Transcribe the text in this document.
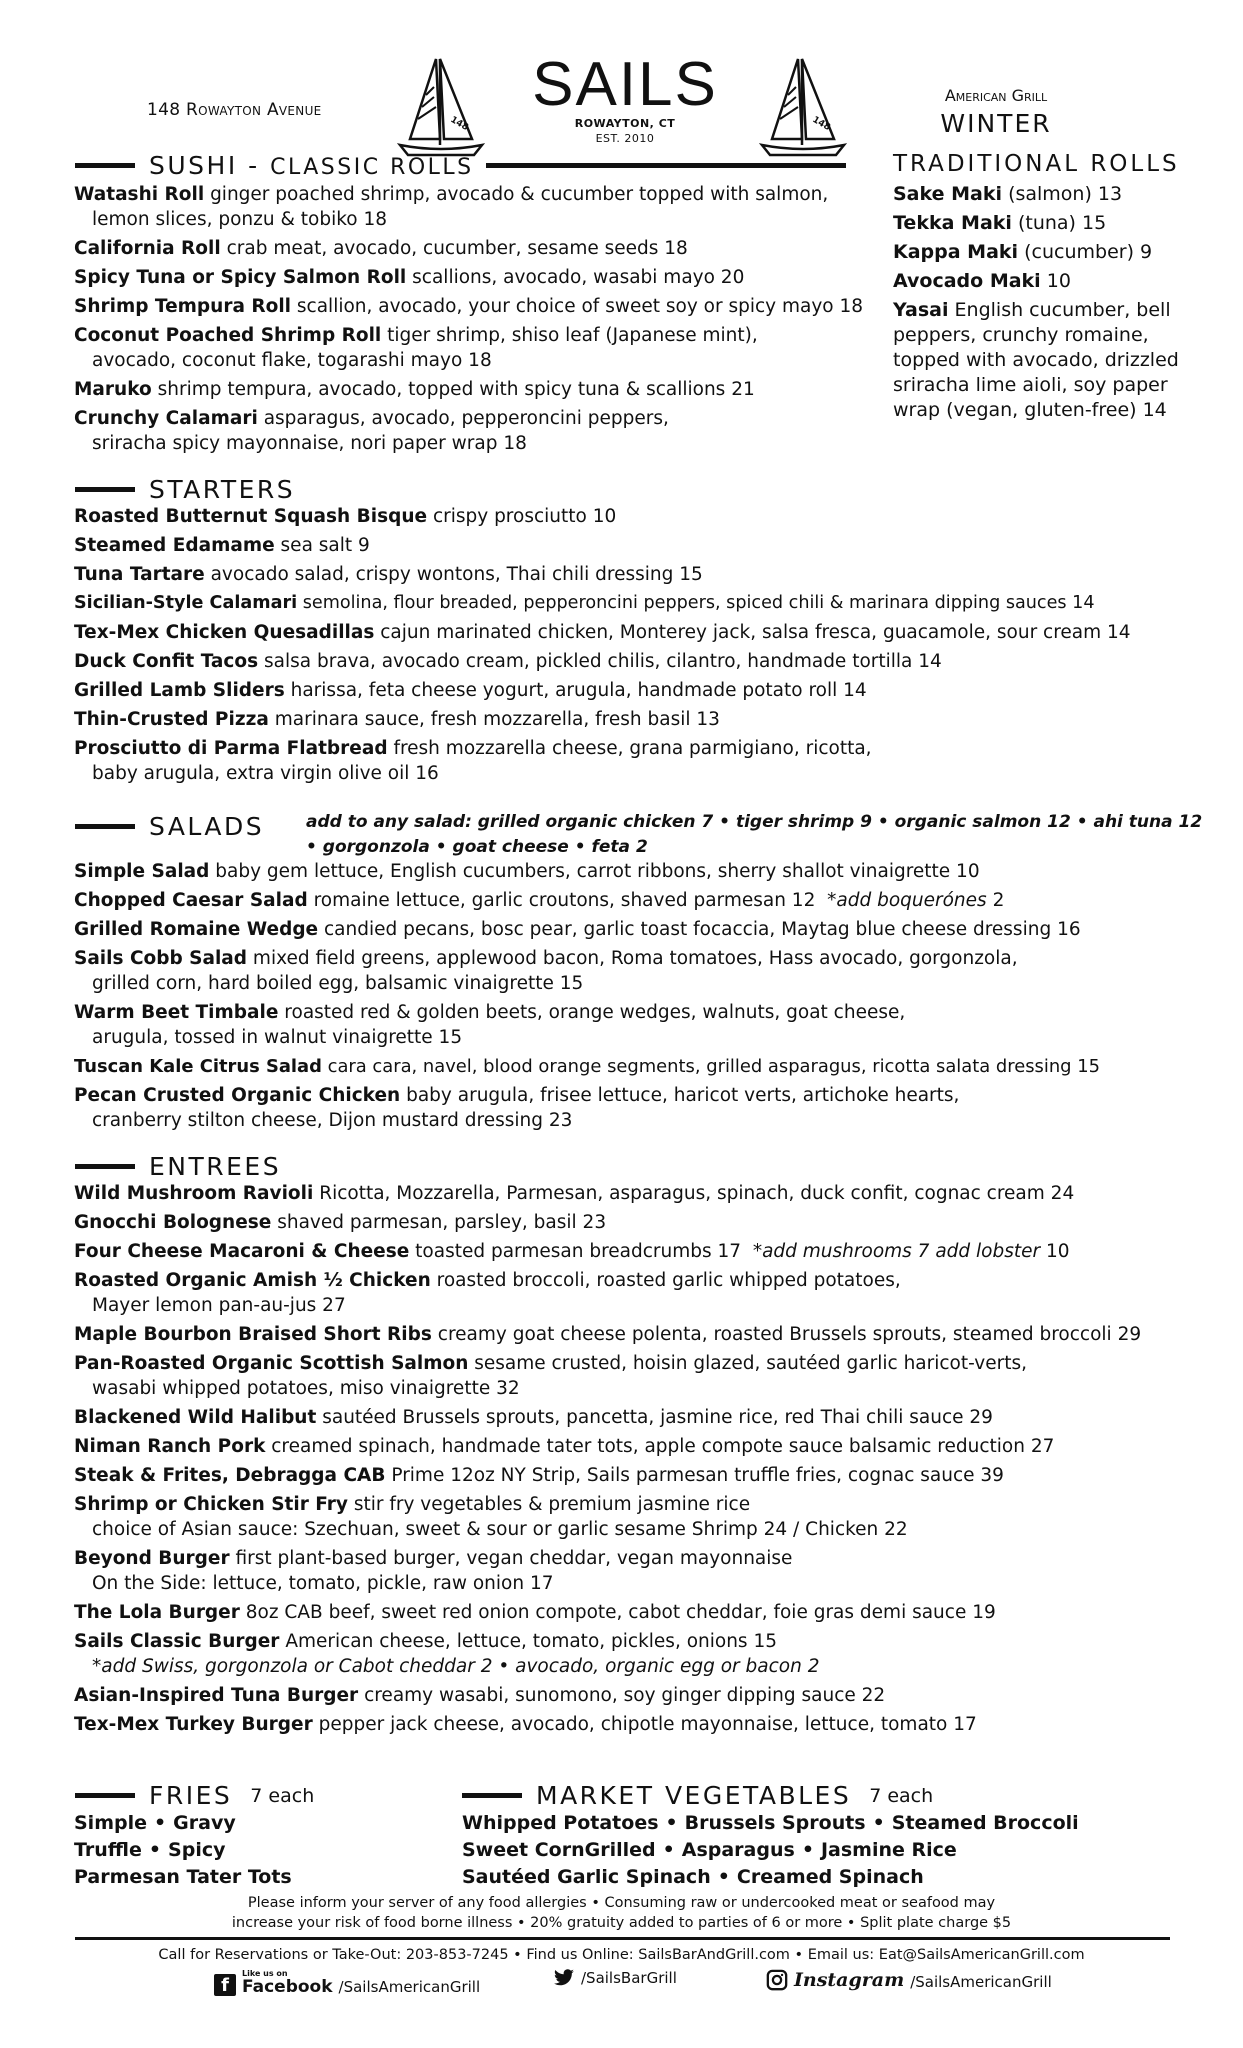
148 Rowayton Avenue
148
SAILS
ROWAYTON, CT
EST. 2010
148
American Grill
WINTER
SUSHI - CLASSIC ROLLS
Watashi Roll ginger poached shrimp, avocado & cucumber topped with salmon,
lemon slices, ponzu & tobiko 18
California Roll crab meat, avocado, cucumber, sesame seeds 18
Spicy Tuna or Spicy Salmon Roll scallions, avocado, wasabi mayo 20
Shrimp Tempura Roll scallion, avocado, your choice of sweet soy or spicy mayo 18
Coconut Poached Shrimp Roll tiger shrimp, shiso leaf (Japanese mint),
avocado, coconut flake, togarashi mayo 18
Maruko shrimp tempura, avocado, topped with spicy tuna & scallions 21
Crunchy Calamari asparagus, avocado, pepperoncini peppers,
sriracha spicy mayonnaise, nori paper wrap 18
TRADITIONAL ROLLS
Sake Maki (salmon) 13
Tekka Maki (tuna) 15
Kappa Maki (cucumber) 9
Avocado Maki 10
Yasai English cucumber, bell peppers, crunchy romaine, topped with avocado, drizzled sriracha lime aioli, soy paper wrap (vegan, gluten-free) 14
STARTERS
Roasted Butternut Squash Bisque crispy prosciutto 10
Steamed Edamame sea salt 9
Tuna Tartare avocado salad, crispy wontons, Thai chili dressing 15
Sicilian-Style Calamari semolina, flour breaded, pepperoncini peppers, spiced chili & marinara dipping sauces 14
Tex-Mex Chicken Quesadillas cajun marinated chicken, Monterey jack, salsa fresca, guacamole, sour cream 14
Duck Confit Tacos salsa brava, avocado cream, pickled chilis, cilantro, handmade tortilla 14
Grilled Lamb Sliders harissa, feta cheese yogurt, arugula, handmade potato roll 14
Thin-Crusted Pizza marinara sauce, fresh mozzarella, fresh basil 13
Prosciutto di Parma Flatbread fresh mozzarella cheese, grana parmigiano, ricotta,
baby arugula, extra virgin olive oil 16
SALADS add to any salad: grilled organic chicken 7 • tiger shrimp 9 • organic salmon 12 • ahi tuna 12
• gorgonzola • goat cheese • feta 2
Simple Salad baby gem lettuce, English cucumbers, carrot ribbons, sherry shallot vinaigrette 10
Chopped Caesar Salad romaine lettuce, garlic croutons, shaved parmesan 12 *add boquerónes 2
Grilled Romaine Wedge candied pecans, bosc pear, garlic toast focaccia, Maytag blue cheese dressing 16
Sails Cobb Salad mixed field greens, applewood bacon, Roma tomatoes, Hass avocado, gorgonzola,
grilled corn, hard boiled egg, balsamic vinaigrette 15
Warm Beet Timbale roasted red & golden beets, orange wedges, walnuts, goat cheese,
arugula, tossed in walnut vinaigrette 15
Tuscan Kale Citrus Salad cara cara, navel, blood orange segments, grilled asparagus, ricotta salata dressing 15
Pecan Crusted Organic Chicken baby arugula, frisee lettuce, haricot verts, artichoke hearts,
cranberry stilton cheese, Dijon mustard dressing 23
ENTREES
Wild Mushroom Ravioli Ricotta, Mozzarella, Parmesan, asparagus, spinach, duck confit, cognac cream 24
Gnocchi Bolognese shaved parmesan, parsley, basil 23
Four Cheese Macaroni & Cheese toasted parmesan breadcrumbs 17 *add mushrooms 7 add lobster 10
Roasted Organic Amish ½ Chicken roasted broccoli, roasted garlic whipped potatoes,
Mayer lemon pan-au-jus 27
Maple Bourbon Braised Short Ribs creamy goat cheese polenta, roasted Brussels sprouts, steamed broccoli 29
Pan-Roasted Organic Scottish Salmon sesame crusted, hoisin glazed, sautéed garlic haricot-verts,
wasabi whipped potatoes, miso vinaigrette 32
Blackened Wild Halibut sautéed Brussels sprouts, pancetta, jasmine rice, red Thai chili sauce 29
Niman Ranch Pork creamed spinach, handmade tater tots, apple compote sauce balsamic reduction 27
Steak & Frites, Debragga CAB Prime 12oz NY Strip, Sails parmesan truffle fries, cognac sauce 39
Shrimp or Chicken Stir Fry stir fry vegetables & premium jasmine rice
choice of Asian sauce: Szechuan, sweet & sour or garlic sesame Shrimp 24 / Chicken 22
Beyond Burger first plant-based burger, vegan cheddar, vegan mayonnaise
On the Side: lettuce, tomato, pickle, raw onion 17
The Lola Burger 8oz CAB beef, sweet red onion compote, cabot cheddar, foie gras demi sauce 19
Sails Classic Burger American cheese, lettuce, tomato, pickles, onions 15
*add Swiss, gorgonzola or Cabot cheddar 2 • avocado, organic egg or bacon 2
Asian-Inspired Tuna Burger creamy wasabi, sunomono, soy ginger dipping sauce 22
Tex-Mex Turkey Burger pepper jack cheese, avocado, chipotle mayonnaise, lettuce, tomato 17
FRIES 7 each
Simple • Gravy
Truffle • Spicy
Parmesan Tater Tots
MARKET VEGETABLES 7 each
Whipped Potatoes • Brussels Sprouts • Steamed Broccoli
Sweet CornGrilled • Asparagus • Jasmine Rice
Sautéed Garlic Spinach • Creamed Spinach
Please inform your server of any food allergies • Consuming raw or undercooked meat or seafood may
increase your risk of food borne illness • 20% gratuity added to parties of 6 or more • Split plate charge $5
Call for Reservations or Take-Out: 203-853-7245 • Find us Online: SailsBarAndGrill.com • Email us: Eat@SailsAmericanGrill.com
f
Like us on
Facebook /SailsAmericanGrill	/SailsBarGrill	Instagram /SailsAmericanGrill
